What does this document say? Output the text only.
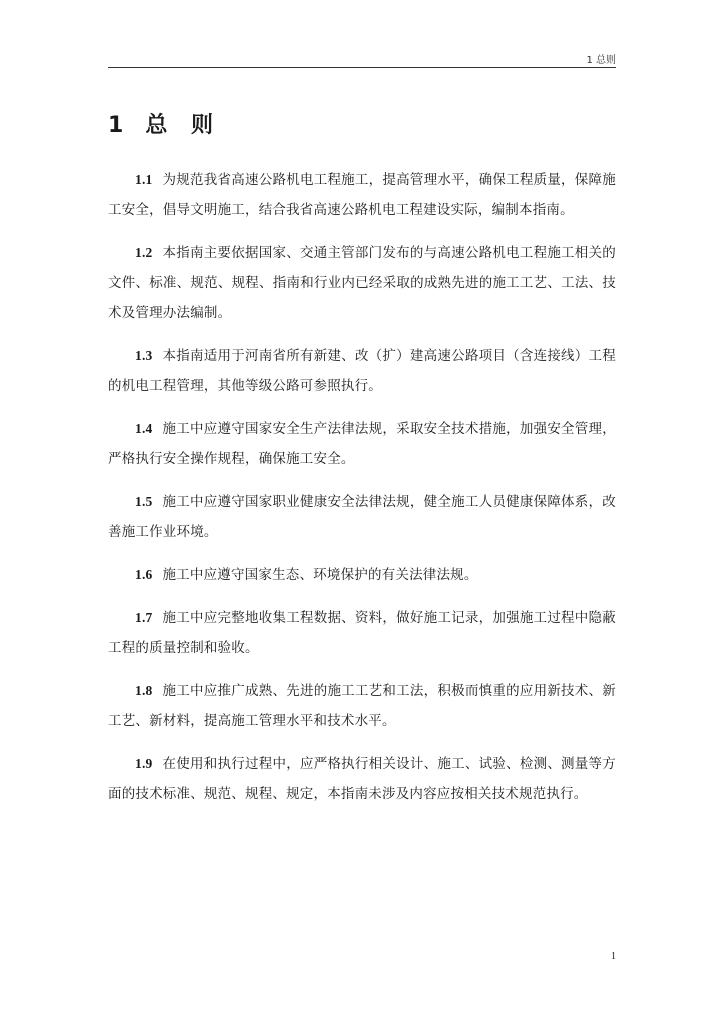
1 总则
1 总 则

1.1 为规范我省高速公路机电工程施工，提高管理水平，确保工程质量，保障施工安全，倡导文明施工，结合我省高速公路机电工程建设实际，编制本指南。

1.2 本指南主要依据国家、交通主管部门发布的与高速公路机电工程施工相关的文件、标准、规范、规程、指南和行业内已经采取的成熟先进的施工工艺、工法、技术及管理办法编制。

1.3 本指南适用于河南省所有新建、改（扩）建高速公路项目（含连接线）工程的机电工程管理，其他等级公路可参照执行。

1.4 施工中应遵守国家安全生产法律法规，采取安全技术措施，加强安全管理，严格执行安全操作规程，确保施工安全。

1.5 施工中应遵守国家职业健康安全法律法规，健全施工人员健康保障体系，改善施工作业环境。

1.6 施工中应遵守国家生态、环境保护的有关法律法规。

1.7 施工中应完整地收集工程数据、资料，做好施工记录，加强施工过程中隐蔽工程的质量控制和验收。

1.8 施工中应推广成熟、先进的施工工艺和工法，积极而慎重的应用新技术、新工艺、新材料，提高施工管理水平和技术水平。

1.9 在使用和执行过程中，应严格执行相关设计、施工、试验、检测、测量等方面的技术标准、规范、规程、规定，本指南未涉及内容应按相关技术规范执行。

1
